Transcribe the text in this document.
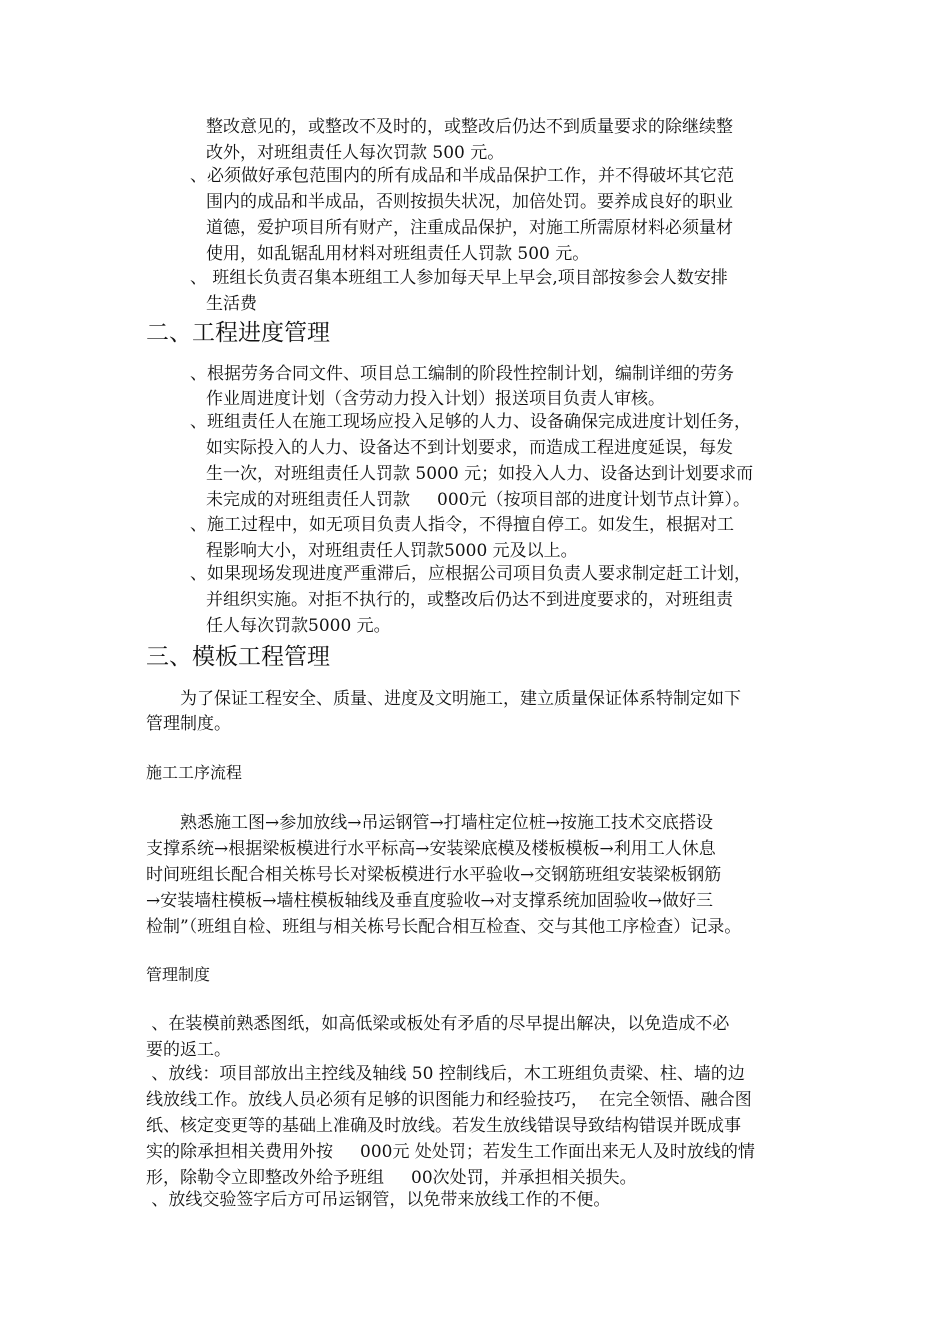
整改意见的，或整改不及时的，或整改后仍达不到质量要求的除继续整

改外，对班组责任人每次罚款 500 元。

、必须做好承包范围内的所有成品和半成品保护工作，并不得破坏其它范

围内的成品和半成品，否则按损失状况，加倍处罚。要养成良好的职业

道德，爱护项目所有财产，注重成品保护，对施工所需原材料必须量材

使用，如乱锯乱用材料对班组责任人罚款 500 元。

、 班组长负责召集本班组工人参加每天早上早会,项目部按参会人数安排

生活费

二、工程进度管理

、根据劳务合同文件、项目总工编制的阶段性控制计划，编制详细的劳务

作业周进度计划（含劳动力投入计划）报送项目负责人审核。

、班组责任人在施工现场应投入足够的人力、设备确保完成进度计划任务，

如实际投入的人力、设备达不到计划要求，而造成工程进度延误，每发

生一次，对班组责任人罚款 5000 元；如投入人力、设备达到计划要求而

未完成的对班组责任人罚款     000元（按项目部的进度计划节点计算）。

、施工过程中，如无项目负责人指令，不得擅自停工。如发生，根据对工

程影响大小，对班组责任人罚款5000 元及以上。

、如果现场发现进度严重滞后，应根据公司项目负责人要求制定赶工计划，

并组织实施。对拒不执行的，或整改后仍达不到进度要求的，对班组责

任人每次罚款5000 元。

三、模板工程管理

为了保证工程安全、质量、进度及文明施工，建立质量保证体系特制定如下

管理制度。

施工工序流程

熟悉施工图→参加放线→吊运钢管→打墙柱定位桩→按施工技术交底搭设

支撑系统→根据梁板模进行水平标高→安装梁底模及楼板模板→利用工人休息

时间班组长配合相关栋号长对梁板模进行水平验收→交钢筋班组安装梁板钢筋

→安装墙柱模板→墙柱模板轴线及垂直度验收→对支撑系统加固验收→做好三

检制”（班组自检、班组与相关栋号长配合相互检查、交与其他工序检查）记录。

管理制度

、在装模前熟悉图纸，如高低梁或板处有矛盾的尽早提出解决，以免造成不必

要的返工。

、放线：项目部放出主控线及轴线 50 控制线后，木工班组负责梁、柱、墙的边

线放线工作。放线人员必须有足够的识图能力和经验技巧，  在完全领悟、融合图

纸、核定变更等的基础上准确及时放线。若发生放线错误导致结构错误并既成事

实的除承担相关费用外按     000元 处处罚；若发生工作面出来无人及时放线的情

形，除勒令立即整改外给予班组     00次处罚，并承担相关损失。

、放线交验签字后方可吊运钢管，以免带来放线工作的不便。
